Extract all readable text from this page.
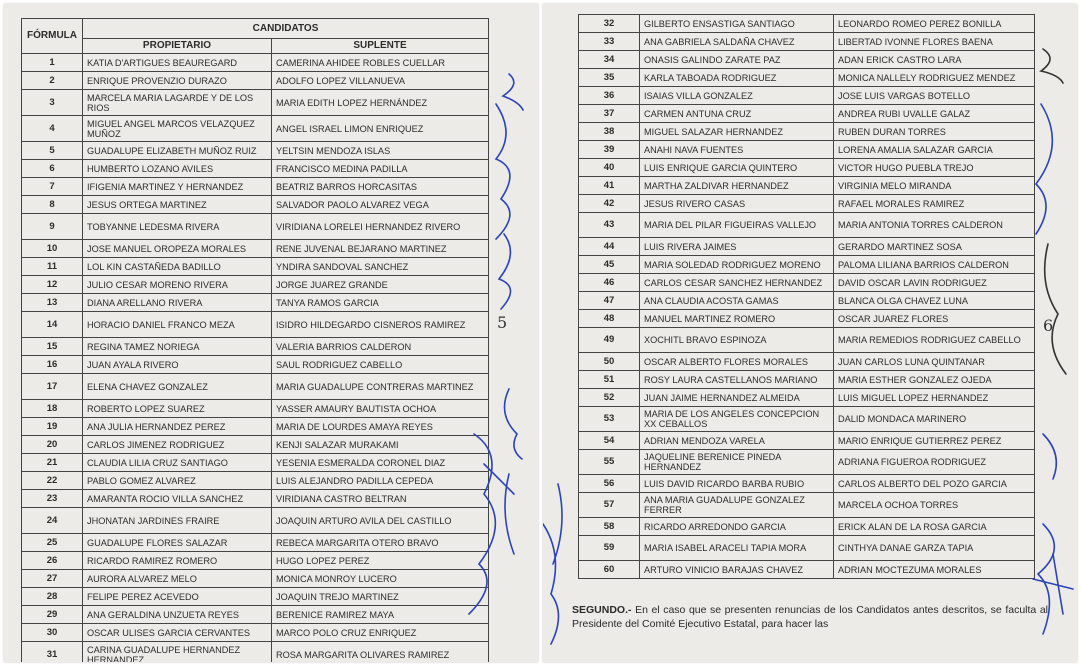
FÓRMULA	CANDIDATOS	
	PROPIETARIO	SUPLENTE
1	KATIA D'ARTIGUES BEAUREGARD	CAMERINA AHIDEE ROBLES CUELLAR
2	ENRIQUE PROVENZIO DURAZO	ADOLFO LOPEZ VILLANUEVA
3	MARCELA MARIA LAGARDE Y DE LOS RIOS	MARIA EDITH LOPEZ HERNÁNDEZ
4	MIGUEL ANGEL MARCOS VELAZQUEZ MUÑOZ	ANGEL ISRAEL LIMON ENRIQUEZ
5	GUADALUPE ELIZABETH MUÑOZ RUIZ	YELTSIN MENDOZA ISLAS
6	HUMBERTO LOZANO AVILES	FRANCISCO MEDINA PADILLA
7	IFIGENIA MARTINEZ Y HERNANDEZ	BEATRIZ BARROS HORCASITAS
8	JESUS ORTEGA MARTINEZ	SALVADOR PAOLO ALVAREZ VEGA
9	TOBYANNE LEDESMA RIVERA	VIRIDIANA LORELEI HERNANDEZ RIVERO
10	JOSE MANUEL OROPEZA MORALES	RENE JUVENAL BEJARANO MARTINEZ
11	LOL KIN CASTAÑEDA BADILLO	YNDIRA SANDOVAL SANCHEZ
12	JULIO CESAR MORENO RIVERA	JORGE JUAREZ GRANDE
13	DIANA ARELLANO RIVERA	TANYA RAMOS GARCIA
14	HORACIO DANIEL FRANCO MEZA	ISIDRO HILDEGARDO CISNEROS RAMIREZ
15	REGINA TAMEZ NORIEGA	VALERIA BARRIOS CALDERON
16	JUAN AYALA RIVERO	SAUL RODRIGUEZ CABELLO
17	ELENA CHAVEZ GONZALEZ	MARIA GUADALUPE CONTRERAS MARTINEZ
18	ROBERTO LOPEZ SUAREZ	YASSER AMAURY BAUTISTA OCHOA
19	ANA JULIA HERNANDEZ PEREZ	MARIA DE LOURDES AMAYA REYES
20	CARLOS JIMENEZ RODRIGUEZ	KENJI SALAZAR MURAKAMI
21	CLAUDIA LILIA CRUZ SANTIAGO	YESENIA ESMERALDA CORONEL DIAZ
22	PABLO GOMEZ ALVAREZ	LUIS ALEJANDRO PADILLA CEPEDA
23	AMARANTA ROCIO VILLA SANCHEZ	VIRIDIANA CASTRO BELTRAN
24	JHONATAN JARDINES FRAIRE	JOAQUIN ARTURO AVILA DEL CASTILLO
25	GUADALUPE FLORES SALAZAR	REBECA MARGARITA OTERO BRAVO
26	RICARDO RAMIREZ ROMERO	HUGO LOPEZ PEREZ
27	AURORA ALVAREZ MELO	MONICA MONROY LUCERO
28	FELIPE PEREZ ACEVEDO	JOAQUIN TREJO MARTINEZ
29	ANA GERALDINA UNZUETA REYES	BERENICE RAMIREZ MAYA
30	OSCAR ULISES GARCIA CERVANTES	MARCO POLO CRUZ ENRIQUEZ
31	CARINA GUADALUPE HERNANDEZ HERNANDEZ	ROSA MARGARITA OLIVARES RAMIREZ
5
32	GILBERTO ENSASTIGA SANTIAGO	LEONARDO ROMEO PEREZ BONILLA
33	ANA GABRIELA SALDAÑA CHAVEZ	LIBERTAD IVONNE FLORES BAENA
34	ONASIS GALINDO ZARATE PAZ	ADAN ERICK CASTRO LARA
35	KARLA TABOADA RODRIGUEZ	MONICA NALLELY RODRIGUEZ MENDEZ
36	ISAIAS VILLA GONZALEZ	JOSE LUIS VARGAS BOTELLO
37	CARMEN ANTUNA CRUZ	ANDREA RUBI UVALLE GALAZ
38	MIGUEL SALAZAR HERNANDEZ	RUBEN DURAN TORRES
39	ANAHI NAVA FUENTES	LORENA AMALIA SALAZAR GARCIA
40	LUIS ENRIQUE GARCIA QUINTERO	VICTOR HUGO PUEBLA TREJO
41	MARTHA ZALDIVAR HERNANDEZ	VIRGINIA MELO MIRANDA
42	JESUS RIVERO CASAS	RAFAEL MORALES RAMIREZ
43	MARIA DEL PILAR FIGUEIRAS VALLEJO	MARIA ANTONIA TORRES CALDERON
44	LUIS RIVERA JAIMES	GERARDO MARTINEZ SOSA
45	MARIA SOLEDAD RODRIGUEZ MORENO	PALOMA LILIANA BARRIOS CALDERON
46	CARLOS CESAR SANCHEZ HERNANDEZ	DAVID OSCAR LAVIN RODRIGUEZ
47	ANA CLAUDIA ACOSTA GAMAS	BLANCA OLGA CHAVEZ LUNA
48	MANUEL MARTINEZ ROMERO	OSCAR JUAREZ FLORES
49	XOCHITL BRAVO ESPINOZA	MARIA REMEDIOS RODRIGUEZ CABELLO
50	OSCAR ALBERTO FLORES MORALES	JUAN CARLOS LUNA QUINTANAR
51	ROSY LAURA CASTELLANOS MARIANO	MARIA ESTHER GONZALEZ OJEDA
52	JUAN JAIME HERNANDEZ ALMEIDA	LUIS MIGUEL LOPEZ HERNANDEZ
53	MARIA DE LOS ANGELES CONCEPCION XX CEBALLOS	DALID MONDACA MARINERO
54	ADRIAN MENDOZA VARELA	MARIO ENRIQUE GUTIERREZ PEREZ
55	JAQUELINE BERENICE PINEDA HERNANDEZ	ADRIANA FIGUEROA RODRIGUEZ
56	LUIS DAVID RICARDO BARBA RUBIO	CARLOS ALBERTO DEL POZO GARCIA
57	ANA MARIA GUADALUPE GONZALEZ FERRER	MARCELA OCHOA TORRES
58	RICARDO ARREDONDO GARCIA	ERICK ALAN DE LA ROSA GARCIA
59	MARIA ISABEL ARACELI TAPIA MORA	CINTHYA DANAE GARZA TAPIA
60	ARTURO VINICIO BARAJAS CHAVEZ	ADRIAN MOCTEZUMA MORALES
6
SEGUNDO.- En el caso que se presenten renuncias de los Candidatos antes descritos, se faculta al Presidente del Comité Ejecutivo Estatal, para hacer las
